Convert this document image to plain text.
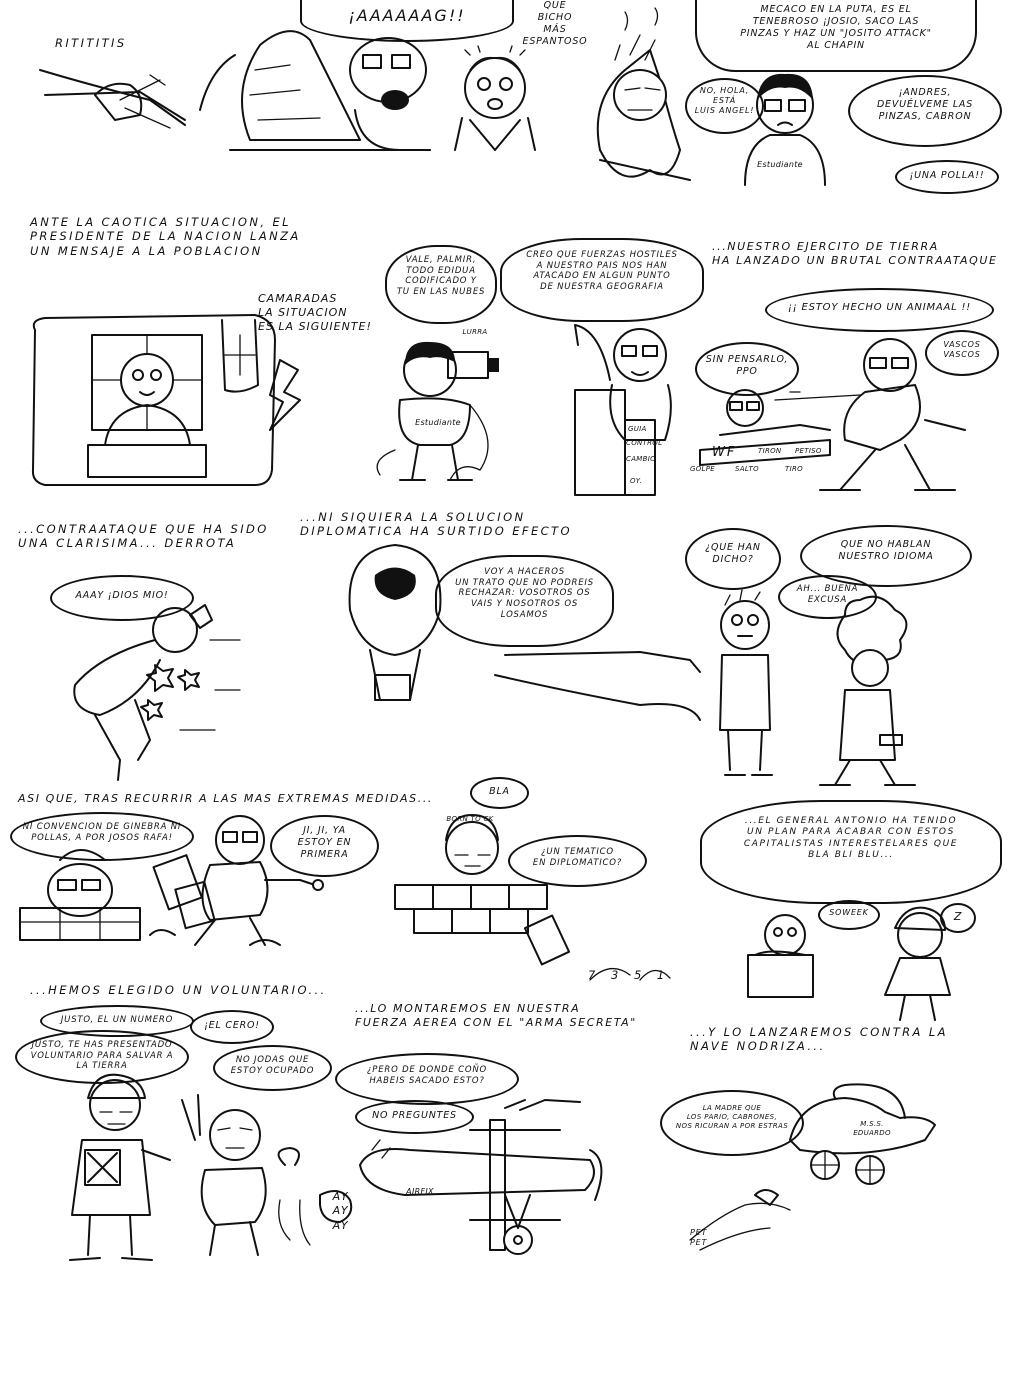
RITITITIS
¡AAAAAAG!!
QUE
BICHO
MÁS
ESPANTOSO
MECACO EN LA PUTA, ES EL
TENEBROSO ¡JOSIO, SACO LAS
PINZAS Y HAZ UN "JOSITO ATTACK"
AL CHAPIN
NO, HOLA,
ESTÁ
LUIS ANGEL!
¡ANDRES,
DEVUÉLVEME LAS
PINZAS, CABRON
¡UNA POLLA!!
Estudiante
ANTE LA CAOTICA SITUACION, EL
PRESIDENTE DE LA NACION LANZA
UN MENSAJE A LA POBLACION
CAMARADAS
LA SITUACION
ES LA SIGUIENTE!
VALE, PALMIR,
TODO EDIDUA
CODIFICADO Y
TU EN LAS NUBES
LURRA
Estudiante
CREO QUE FUERZAS HOSTILES
A NUESTRO PAIS NOS HAN
ATACADO EN ALGUN PUNTO
DE NUESTRA GEOGRAFIA
...NUESTRO EJERCITO DE TIERRA
HA LANZADO UN BRUTAL CONTRAATAQUE
¡¡ ESTOY HECHO UN ANIMAAL !!
SIN PENSARLO,
PPO
VASCOS
VASCOS
WF	TIRON PETISO
GOLPE	SALTO	TIRO
GUIA
CONTROL
CAMBIO
OY.
...CONTRAATAQUE QUE HA SIDO
UNA CLARISIMA... DERROTA
AAAY ¡DIOS MIO!
...NI SIQUIERA LA SOLUCION
DIPLOMATICA HA SURTIDO EFECTO
VOY A HACEROS
UN TRATO QUE NO PODREIS
RECHAZAR: VOSOTROS OS
VAIS Y NOSOTROS OS
LOSAMOS
¿QUE HAN
DICHO?
QUE NO HABLAN
NUESTRO IDIOMA
AH... BUENA
EXCUSA
ASI QUE, TRAS RECURRIR A LAS MAS EXTREMAS MEDIDAS...
NI CONVENCION DE GINEBRA NI
POLLAS, A POR JOSOS RAFA!
JI, JI, YA
ESTOY EN
PRIMERA
BLA
¿UN TEMATICO
EN DIPLOMATICO?
BORN TO CK
7 3 5 1
...EL GENERAL ANTONIO HA TENIDO
UN PLAN PARA ACABAR CON ESTOS
CAPITALISTAS INTERESTELARES QUE
BLA BLI BLU...
SOWEEK	Z
...HEMOS ELEGIDO UN VOLUNTARIO...
JUSTO, EL UN NUMERO	¡EL CERO!
JUSTO, TE HAS PRESENTADO
VOLUNTARIO PARA SALVAR A
LA TIERRA
NO JODAS QUE
ESTOY OCUPADO
AY
AY
AY
...LO MONTAREMOS EN NUESTRA
FUERZA AEREA CON EL "ARMA SECRETA"
¿PERO DE DONDE COÑO
HABEIS SACADO ESTO?
NO PREGUNTES
AIRFIX
...Y LO LANZAREMOS CONTRA LA
NAVE NODRIZA...
LA MADRE QUE
LOS PARIO, CABRONES,
NOS RICURAN A POR ESTRAS	M.S.S. EDUARDO
PET
PET
